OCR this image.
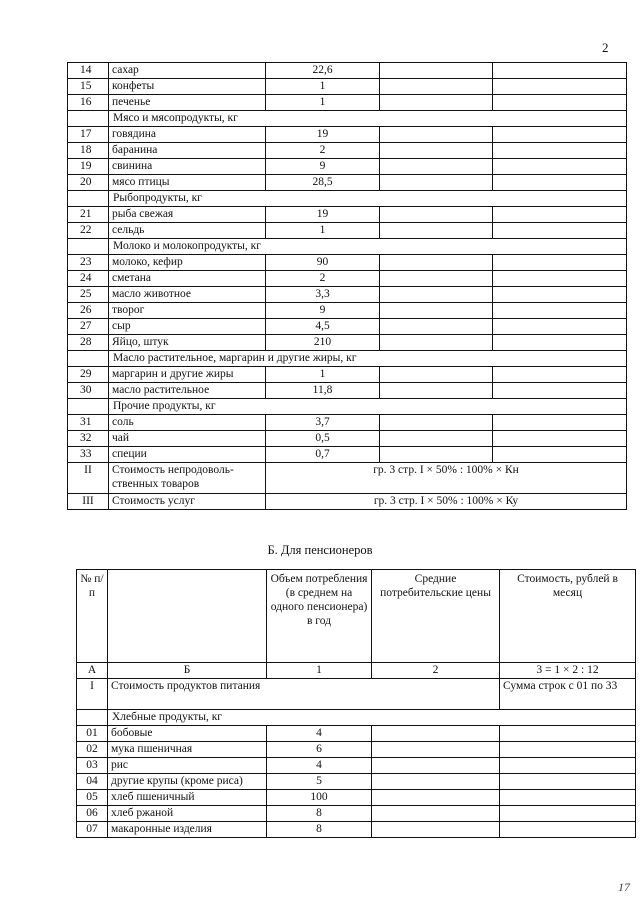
2
14	сахар	22,6		
15	конфеты	1		
16	печенье	1		
	Мясо и мясопродукты, кг			
17	говядина	19		
18	баранина	2		
19	свинина	9		
20	мясо птицы	28,5		
	Рыбопродукты, кг			
21	рыба свежая	19		
22	сельдь	1		
	Молоко и молокопродукты, кг			
23	молоко, кефир	90		
24	сметана	2		
25	масло животное	3,3		
26	творог	9		
27	сыр	4,5		
28	Яйцо, штук	210		
	Масло растительное, маргарин и другие жиры, кг			
29	маргарин и другие жиры	1		
30	масло растительное	11,8		
	Прочие продукты, кг			
31	соль	3,7		
32	чай	0,5		
33	специи	0,7		
II	Стоимость непродоволь-ственных товаров	гр. 3 стр. I × 50% : 100% × Кн		
III	Стоимость услуг	гр. 3 стр. I × 50% : 100% × Ку		
Б. Для пенсионеров
№ п/п		Объем потребления (в среднем на одного пенсионера) в год	Средние потребительские цены	Стоимость, рублей в месяц
А	Б	1	2	3 = 1 × 2 : 12
I	Стоимость продуктов питания			Сумма строк с 01 по 33
	Хлебные продукты, кг			
01	бобовые	4		
02	мука пшеничная	6		
03	рис	4		
04	другие крупы (кроме риса)	5		
05	хлеб пшеничный	100		
06	хлеб ржаной	8		
07	макаронные изделия	8		
17
